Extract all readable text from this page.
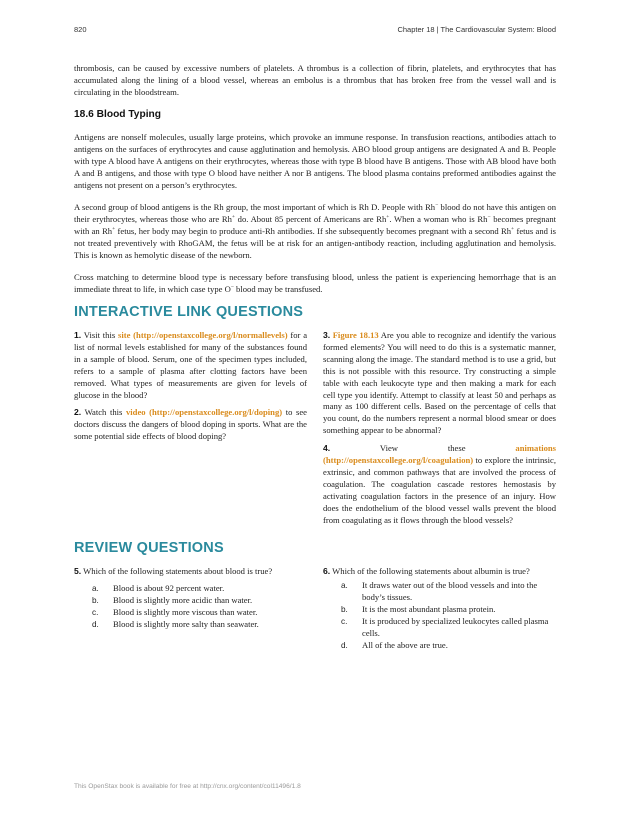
820	Chapter 18 | The Cardiovascular System: Blood

thrombosis, can be caused by excessive numbers of platelets. A thrombus is a collection of fibrin, platelets, and erythrocytes that has accumulated along the lining of a blood vessel, whereas an embolus is a thrombus that has broken free from the vessel wall and is circulating in the bloodstream.

18.6 Blood Typing

Antigens are nonself molecules, usually large proteins, which provoke an immune response. In transfusion reactions, antibodies attach to antigens on the surfaces of erythrocytes and cause agglutination and hemolysis. ABO blood group antigens are designated A and B. People with type A blood have A antigens on their erythrocytes, whereas those with type B blood have B antigens. Those with AB blood have both A and B antigens, and those with type O blood have neither A nor B antigens. The blood plasma contains preformed antibodies against the antigens not present on a person’s erythrocytes.

A second group of blood antigens is the Rh group, the most important of which is Rh D. People with Rh− blood do not have this antigen on their erythrocytes, whereas those who are Rh+ do. About 85 percent of Americans are Rh+. When a woman who is Rh− becomes pregnant with an Rh+ fetus, her body may begin to produce anti-Rh antibodies. If she subsequently becomes pregnant with a second Rh+ fetus and is not treated preventively with RhoGAM, the fetus will be at risk for an antigen-antibody reaction, including agglutination and hemolysis. This is known as hemolytic disease of the newborn.

Cross matching to determine blood type is necessary before transfusing blood, unless the patient is experiencing hemorrhage that is an immediate threat to life, in which case type O− blood may be transfused.

INTERACTIVE LINK QUESTIONS

1. Visit this site (http://openstaxcollege.org/l/normallevels) for a list of normal levels established for many of the substances found in a sample of blood. Serum, one of the specimen types included, refers to a sample of plasma after clotting factors have been removed. What types of measurements are given for levels of glucose in the blood?

2. Watch this video (http://openstaxcollege.org/l/doping) to see doctors discuss the dangers of blood doping in sports. What are the some potential side effects of blood doping?

3. Figure 18.13 Are you able to recognize and identify the various formed elements? You will need to do this is a systematic manner, scanning along the image. The standard method is to use a grid, but this is not possible with this resource. Try constructing a simple table with each leukocyte type and then making a mark for each cell type you identify. Attempt to classify at least 50 and perhaps as many as 100 different cells. Based on the percentage of cells that you count, do the numbers represent a normal blood smear or does something appear to be abnormal?

4. View these animations (http://openstaxcollege.org/l/coagulation) to explore the intrinsic, extrinsic, and common pathways that are involved the process of coagulation. The coagulation cascade restores hemostasis by activating coagulation factors in the presence of an injury. How does the endothelium of the blood vessel walls prevent the blood from coagulating as it flows through the blood vessels?

REVIEW QUESTIONS

5. Which of the following statements about blood is true?

a. Blood is about 92 percent water.
b. Blood is slightly more acidic than water.
c. Blood is slightly more viscous than water.
d. Blood is slightly more salty than seawater.

6. Which of the following statements about albumin is true?

a. It draws water out of the blood vessels and into the body’s tissues.
b. It is the most abundant plasma protein.
c. It is produced by specialized leukocytes called plasma cells.
d. All of the above are true.
This OpenStax book is available for free at http://cnx.org/content/col11496/1.8
